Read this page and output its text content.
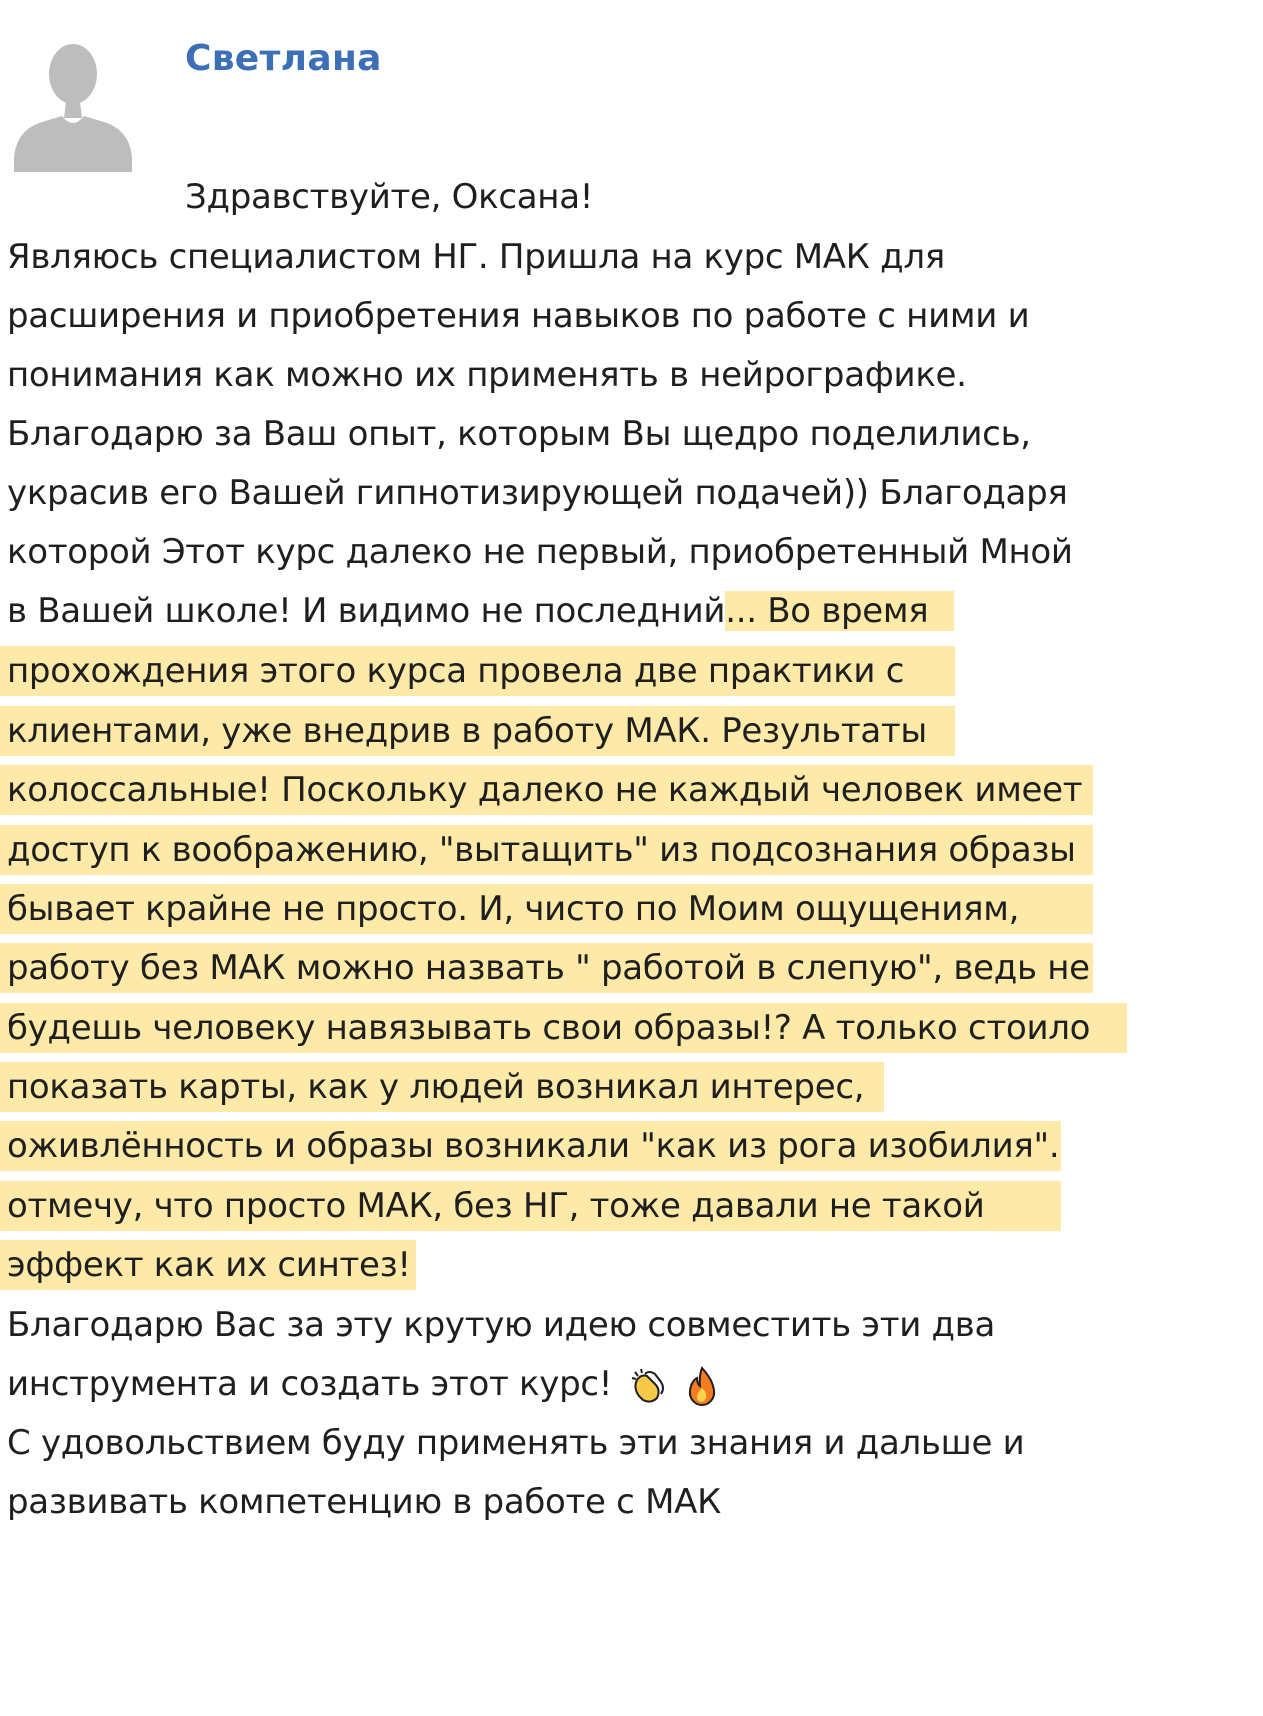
Светлана
Здравствуйте, Оксана!
Являюсь специалистом НГ. Пришла на курс МАК для
расширения и приобретения навыков по работе с ними и
понимания как можно их применять в нейрографике.
Благодарю за Ваш опыт, которым Вы щедро поделились,
украсив его Вашей гипнотизирующей подачей)) Благодаря
которой Этот курс далеко не первый, приобретенный Мной
в Вашей школе! И видимо не последний... Во время
прохождения этого курса провела две практики с
клиентами, уже внедрив в работу МАК. Результаты
колоссальные! Поскольку далеко не каждый человек имеет
доступ к воображению, "вытащить" из подсознания образы
бывает крайне не просто. И, чисто по Моим ощущениям,
работу без МАК можно назвать " работой в слепую", ведь не
будешь человеку навязывать свои образы!? А только стоило
показать карты, как у людей возникал интерес,
оживлённость и образы возникали "как из рога изобилия".
отмечу, что просто МАК, без НГ, тоже давали не такой
эффект как их синтез!
Благодарю Вас за эту крутую идею совместить эти два
инструмента и создать этот курс!
С удовольствием буду применять эти знания и дальше и
развивать компетенцию в работе с МАК
